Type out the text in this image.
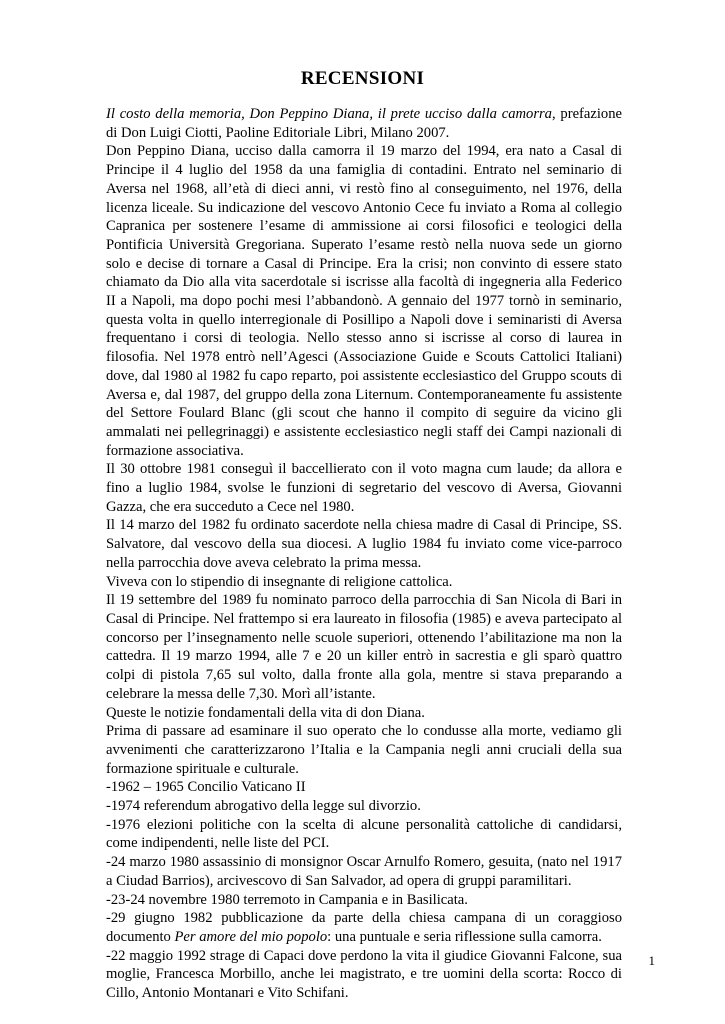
RECENSIONI

Il costo della memoria, Don Peppino Diana, il prete ucciso dalla camorra, prefazione di Don Luigi Ciotti, Paoline Editoriale Libri, Milano 2007.

Don Peppino Diana, ucciso dalla camorra il 19 marzo del 1994, era nato a Casal di Principe il 4 luglio del 1958 da una famiglia di contadini. Entrato nel seminario di Aversa nel 1968, all’età di dieci anni, vi restò fino al conseguimento, nel 1976, della licenza liceale. Su indicazione del vescovo Antonio Cece fu inviato a Roma al collegio Capranica per sostenere l’esame di ammissione ai corsi filosofici e teologici della Pontificia Università Gregoriana. Superato l’esame restò nella nuova sede un giorno solo e decise di tornare a Casal di Principe. Era la crisi; non convinto di essere stato chiamato da Dio alla vita sacerdotale si iscrisse alla facoltà di ingegneria alla Federico II a Napoli, ma dopo pochi mesi l’abbandonò. A gennaio del 1977 tornò in seminario, questa volta in quello interregionale di Posillipo a Napoli dove i seminaristi di Aversa frequentano i corsi di teologia. Nello stesso anno si iscrisse al corso di laurea in filosofia. Nel 1978 entrò nell’Agesci (Associazione Guide e Scouts Cattolici Italiani) dove, dal 1980 al 1982 fu capo reparto, poi assistente ecclesiastico del Gruppo scouts di Aversa e, dal 1987, del gruppo della zona Liternum. Contemporaneamente fu assistente del Settore Foulard Blanc (gli scout che hanno il compito di seguire da vicino gli ammalati nei pellegrinaggi) e assistente ecclesiastico negli staff dei Campi nazionali di formazione associativa.

Il 30 ottobre 1981 conseguì il baccellierato con il voto magna cum laude; da allora e fino a luglio 1984, svolse le funzioni di segretario del vescovo di Aversa, Giovanni Gazza, che era succeduto a Cece nel 1980.

Il 14 marzo del 1982 fu ordinato sacerdote nella chiesa madre di Casal di Principe, SS. Salvatore, dal vescovo della sua diocesi. A luglio 1984 fu inviato come vice-parroco nella parrocchia dove aveva celebrato la prima messa.

Viveva con lo stipendio di insegnante di religione cattolica.

Il 19 settembre del 1989 fu nominato parroco della parrocchia di San Nicola di Bari in Casal di Principe. Nel frattempo si era laureato in filosofia (1985) e aveva partecipato al concorso per l’insegnamento nelle scuole superiori, ottenendo l’abilitazione ma non la cattedra. Il 19 marzo 1994, alle 7 e 20 un killer entrò in sacrestia e gli sparò quattro colpi di pistola 7,65 sul volto, dalla fronte alla gola, mentre si stava preparando a celebrare la messa delle 7,30. Morì all’istante.

Queste le notizie fondamentali della vita di don Diana.

Prima di passare ad esaminare il suo operato che lo condusse alla morte, vediamo gli avvenimenti che caratterizzarono l’Italia e la Campania negli anni cruciali della sua formazione spirituale e culturale.

-1962 – 1965 Concilio Vaticano II

-1974 referendum abrogativo della legge sul divorzio.

-1976 elezioni politiche con la scelta di alcune personalità cattoliche di candidarsi, come indipendenti, nelle liste del PCI.

-24 marzo 1980 assassinio di monsignor Oscar Arnulfo Romero, gesuita, (nato nel 1917 a Ciudad Barrios), arcivescovo di San Salvador, ad opera di gruppi paramilitari.

-23-24 novembre 1980 terremoto in Campania e in Basilicata.

-29 giugno 1982 pubblicazione da parte della chiesa campana di un coraggioso documento Per amore del mio popolo: una puntuale e seria riflessione sulla camorra.

-22 maggio 1992 strage di Capaci dove perdono la vita il giudice Giovanni Falcone, sua moglie, Francesca Morbillo, anche lei magistrato, e tre uomini della scorta: Rocco di Cillo, Antonio Montanari e Vito Schifani.

1
